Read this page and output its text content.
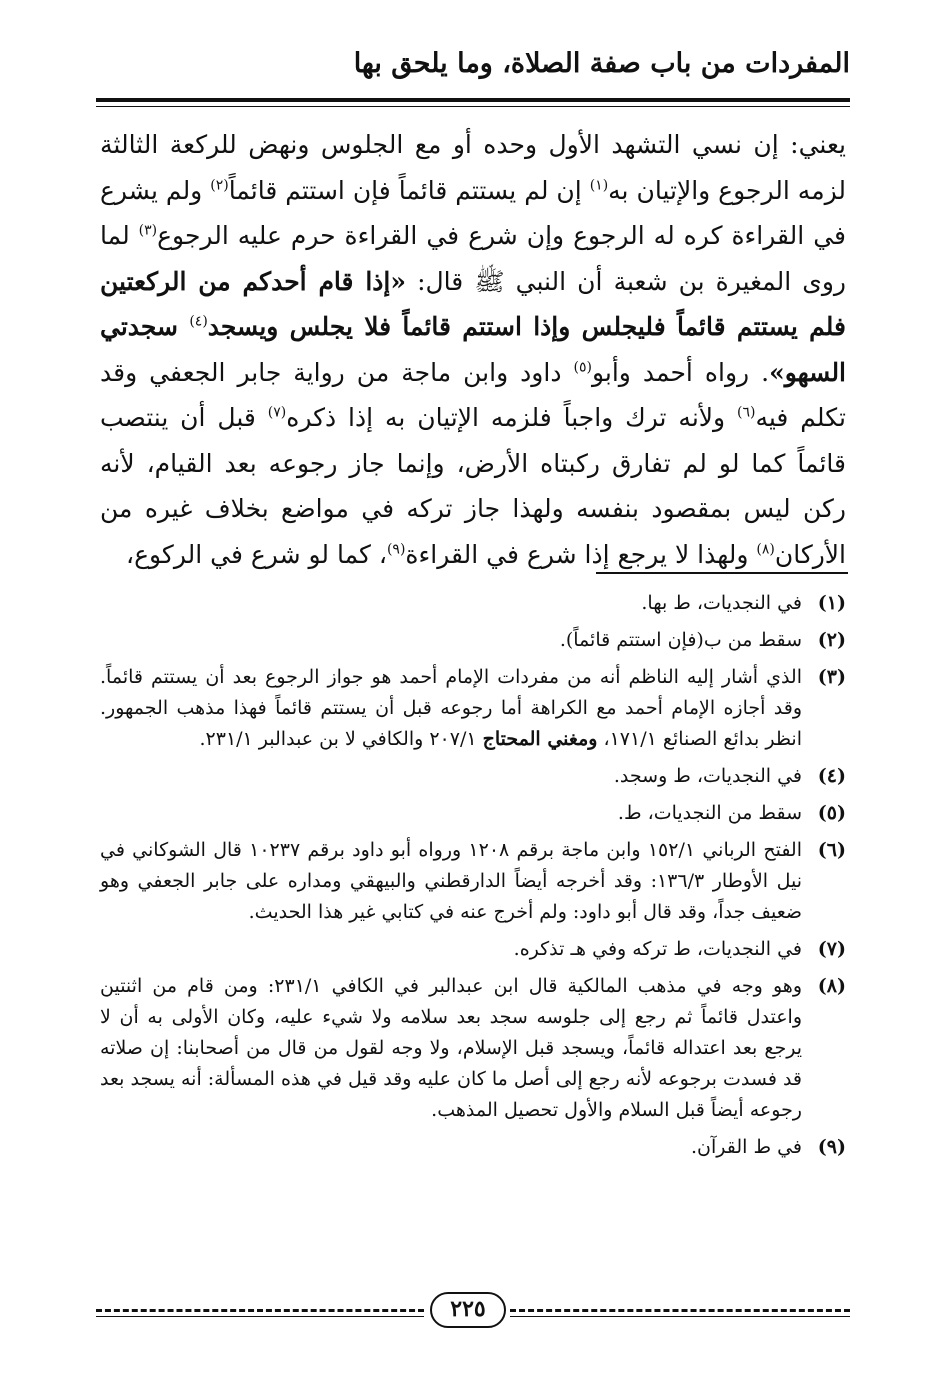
المفردات من باب صفة الصلاة، وما يلحق بها

يعني: إن نسي التشهد الأول وحده أو مع الجلوس ونهض للركعة الثالثة لزمه الرجوع والإتيان به$^{(١)}$ إن لم يستتم قائماً فإن استتم قائماً$^{(٢)}$ ولم يشرع في القراءة كره له الرجوع وإن شرع في القراءة حرم عليه الرجوع$^{(٣)}$ لما روى المغيرة بن شعبة أن النبي ﷺ قال: «إذا قام أحدكم من الركعتين فلم يستتم قائماً فليجلس وإذا استتم قائماً فلا يجلس ويسجد$^{(٤)}$ سجدتي السهو». رواه أحمد وأبو$^{(٥)}$ داود وابن ماجة من رواية جابر الجعفي وقد تكلم فيه$^{(٦)}$ ولأنه ترك واجباً فلزمه الإتيان به إذا ذكره$^{(٧)}$ قبل أن ينتصب قائماً كما لو لم تفارق ركبتاه الأرض، وإنما جاز رجوعه بعد القيام، لأنه ركن ليس بمقصود بنفسه ولهذا جاز تركه في مواضع بخلاف غيره من الأركان$^{(٨)}$ ولهذا لا يرجع إذا شرع في القراءة$^{(٩)}$، كما لو شرع في الركوع،

(١)
في النجديات، ط بها.
(٢)
سقط من ب(فإن استتم قائماً).
(٣)
الذي أشار إليه الناظم أنه من مفردات الإمام أحمد هو جواز الرجوع بعد أن يستتم قائماً. وقد أجازه الإمام أحمد مع الكراهة أما رجوعه قبل أن يستتم قائماً فهذا مذهب الجمهور. انظر بدائع الصنائع ١٧١/١، ومغني المحتاج ٢٠٧/١ والكافي لا بن عبدالبر ٢٣١/١.
(٤)
في النجديات، ط وسجد.
(٥)
سقط من النجديات، ط.
(٦)
الفتح الرباني ١٥٢/١ وابن ماجة برقم ١٢٠٨ ورواه أبو داود برقم ١٠٢٣٧ قال الشوكاني في نيل الأوطار ١٣٦/٣: وقد أخرجه أيضاً الدارقطني والبيهقي ومداره على جابر الجعفي وهو ضعيف جداً، وقد قال أبو داود: ولم أخرج عنه في كتابي غير هذا الحديث.
(٧)
في النجديات، ط تركه وفي هـ تذكره.
(٨)
وهو وجه في مذهب المالكية قال ابن عبدالبر في الكافي ٢٣١/١: ومن قام من اثنتين واعتدل قائماً ثم رجع إلى جلوسه سجد بعد سلامه ولا شيء عليه، وكان الأولى به أن لا يرجع بعد اعتداله قائماً، ويسجد قبل الإسلام، ولا وجه لقول من قال من أصحابنا: إن صلاته قد فسدت برجوعه لأنه رجع إلى أصل ما كان عليه وقد قيل في هذه المسألة: أنه يسجد بعد رجوعه أيضاً قبل السلام والأول تحصيل المذهب.
(٩)
في ط القرآن.
٢٢٥
